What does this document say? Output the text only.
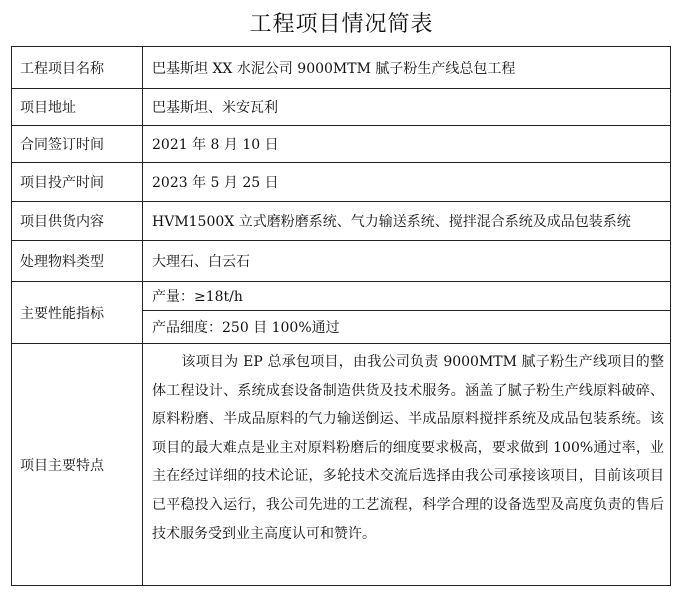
工程项目情况简表
工程项目名称	巴基斯坦 XX 水泥公司 9000MTM 腻子粉生产线总包工程
项目地址	巴基斯坦、米安瓦利
合同签订时间	2021 年 8 月 10 日
项目投产时间	2023 年 5 月 25 日
项目供货内容	HVM1500X 立式磨粉磨系统、气力输送系统、搅拌混合系统及成品包装系统
处理物料类型	大理石、白云石
主要性能指标	产量：≥18t/h
	产品细度：250 目 100%通过
项目主要特点	该项目为 EP 总承包项目，由我公司负责 9000MTM 腻子粉生产线项目的整体工程设计、系统成套设备制造供货及技术服务。涵盖了腻子粉生产线原料破碎、原料粉磨、半成品原料的气力输送倒运、半成品原料搅拌系统及成品包装系统。该项目的最大难点是业主对原料粉磨后的细度要求极高，要求做到 100%通过率，业主在经过详细的技术论证，多轮技术交流后选择由我公司承接该项目，目前该项目已平稳投入运行，我公司先进的工艺流程，科学合理的设备选型及高度负责的售后技术服务受到业主高度认可和赞许。
